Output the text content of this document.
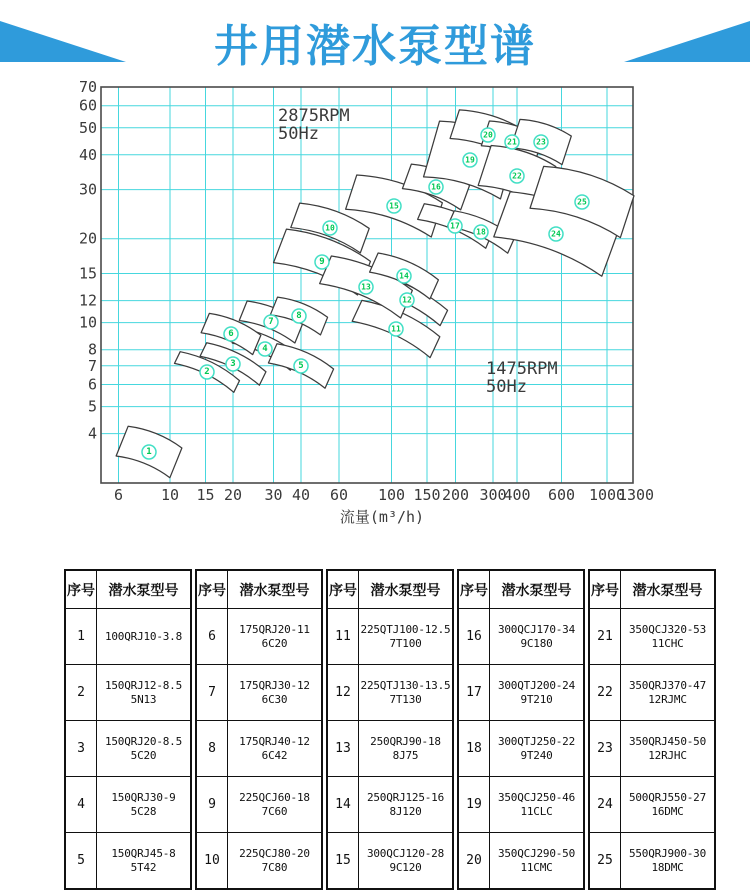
井用潜水泵型谱
1
2
3
4
5
6
7
8
9
10
11
12
13
14
15
16
17
18
19
20
21
22
23
24
25
6	10 15 20 30 40 60 100 150 200 300
400 600 1000
1300
70
60
50
40
30
20
15
12
10
8
7
6
5
4
流量(m³/h)
2875RPM
50Hz
1475RPM
50Hz
序号	潜水泵型号
1	100QRJ10-3.8
2	150QRJ12-8.5
5N13
3	150QRJ20-8.5
5C20
4	150QRJ30-9
5C28
5	150QRJ45-8
5T42
序号	潜水泵型号
6	175QRJ20-11
6C20
7	175QRJ30-12
6C30
8	175QRJ40-12
6C42
9	225QCJ60-18
7C60
10	225QCJ80-20
7C80
序号	潜水泵型号
11	225QTJ100-12.5
7T100
12	225QTJ130-13.5
7T130
13	250QRJ90-18
8J75
14	250QRJ125-16
8J120
15	300QCJ120-28
9C120
序号	潜水泵型号
16	300QCJ170-34
9C180
17	300QTJ200-24
9T210
18	300QTJ250-22
9T240
19	350QCJ250-46
11CLC
20	350QCJ290-50
11CMC
序号	潜水泵型号
21	350QCJ320-53
11CHC
22	350QRJ370-47
12RJMC
23	350QRJ450-50
12RJHC
24	500QRJ550-27
16DMC
25	550QRJ900-30
18DMC
